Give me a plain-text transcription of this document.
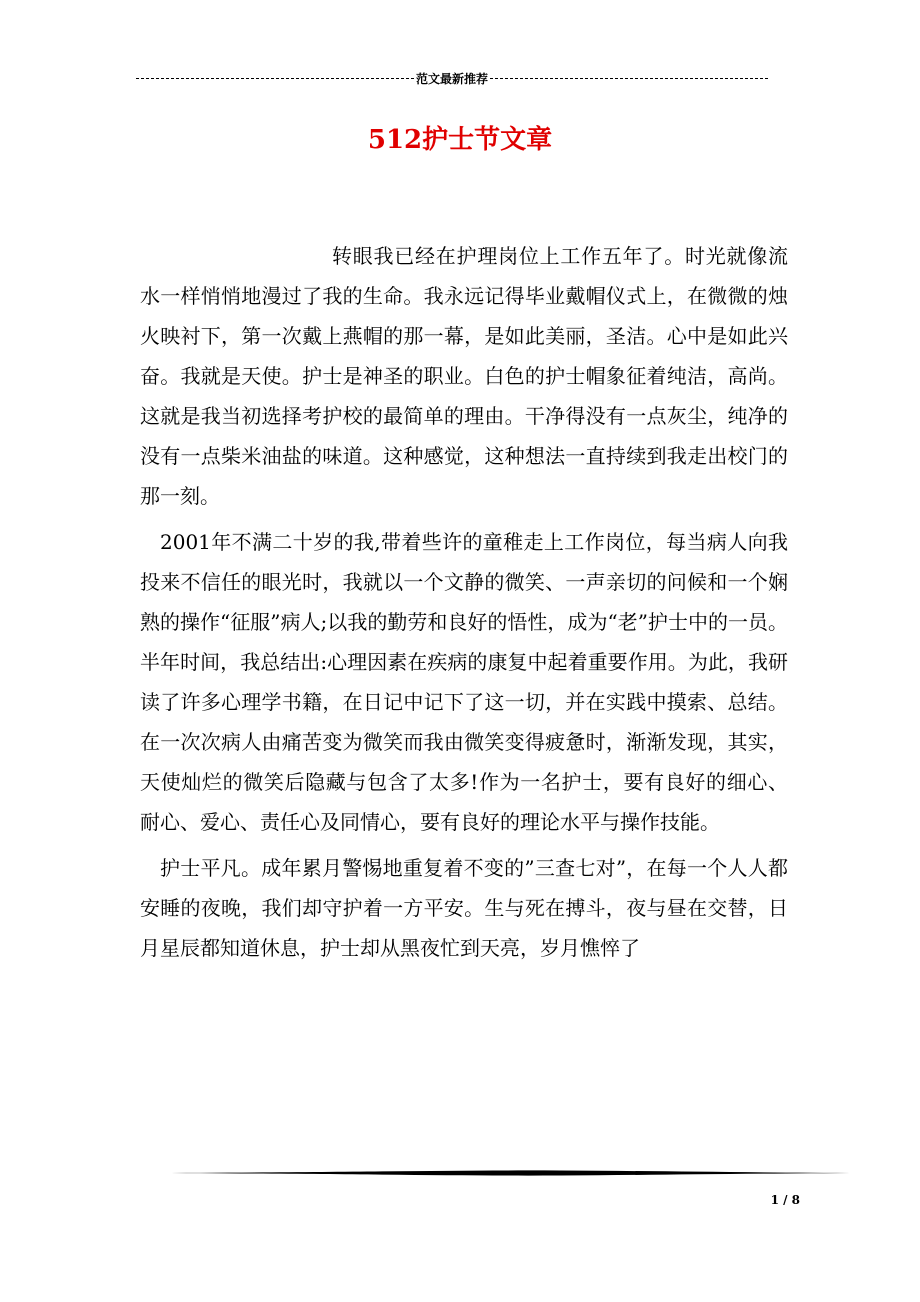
范文最新推荐
512护士节文章

转眼我已经在护理岗位上工作五年了。时光就像流水一样悄悄地漫过了我的生命。我永远记得毕业戴帽仪式上，在微微的烛火映衬下，第一次戴上燕帽的那一幕，是如此美丽，圣洁。心中是如此兴奋。我就是天使。护士是神圣的职业。白色的护士帽象征着纯洁，高尚。这就是我当初选择考护校的最简单的理由。干净得没有一点灰尘，纯净的没有一点柴米油盐的味道。这种感觉，这种想法一直持续到我走出校门的那一刻。

2001年不满二十岁的我,带着些许的童稚走上工作岗位，每当病人向我投来不信任的眼光时，我就以一个文静的微笑、一声亲切的问候和一个娴熟的操作“征服”病人;以我的勤劳和良好的悟性，成为“老”护士中的一员。半年时间，我总结出:心理因素在疾病的康复中起着重要作用。为此，我研读了许多心理学书籍，在日记中记下了这一切，并在实践中摸索、总结。在一次次病人由痛苦变为微笑而我由微笑变得疲惫时，渐渐发现，其实，天使灿烂的微笑后隐藏与包含了太多!作为一名护士，要有良好的细心、耐心、爱心、责任心及同情心，要有良好的理论水平与操作技能。

护士平凡。成年累月警惕地重复着不变的”三查七对”，在每一个人人都安睡的夜晚，我们却守护着一方平安。生与死在搏斗，夜与昼在交替，日月星辰都知道休息，护士却从黑夜忙到天亮，岁月憔悴了

1 / 8
